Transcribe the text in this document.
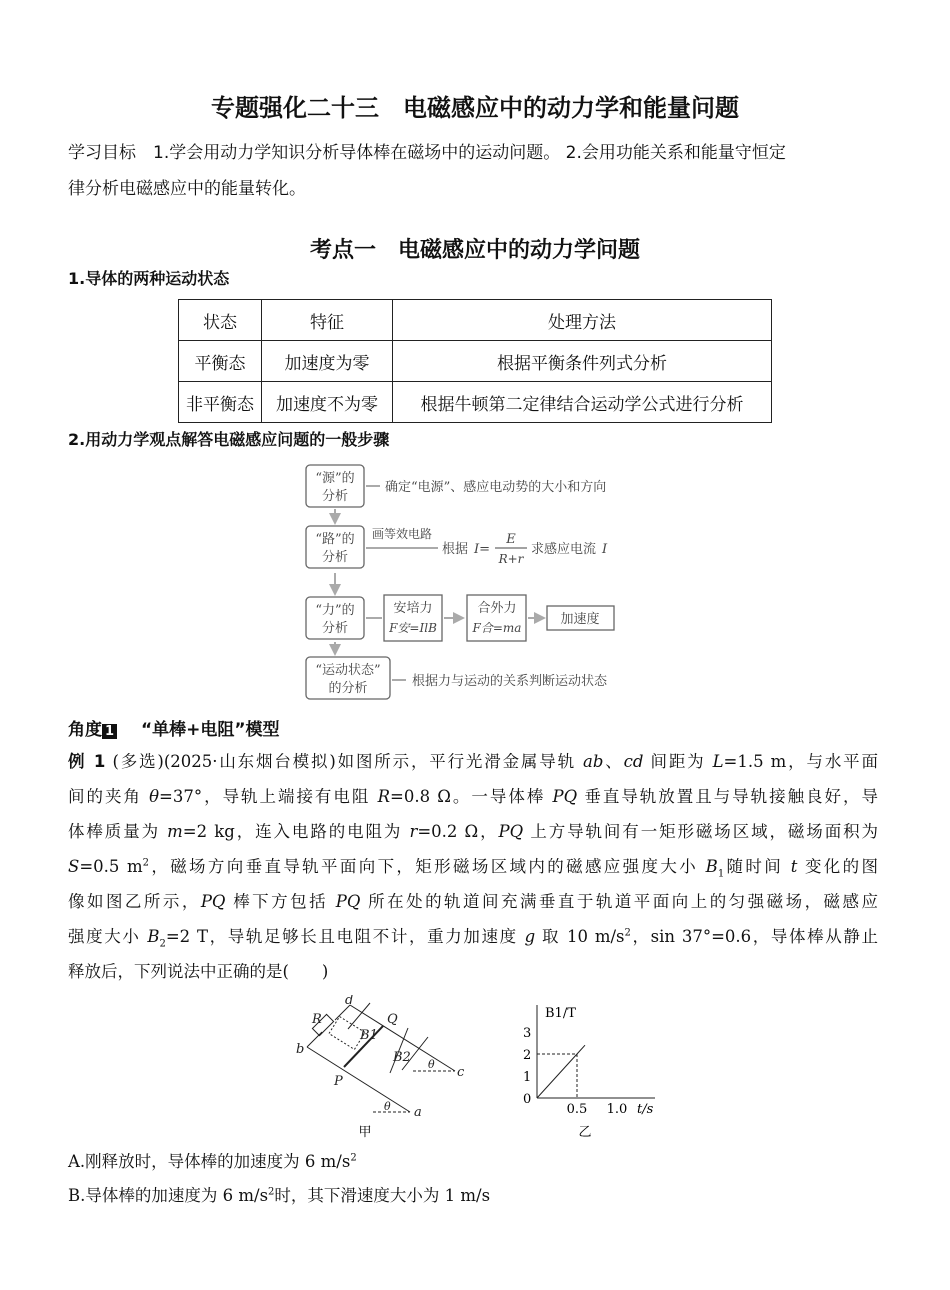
专题强化二十三　电磁感应中的动力学和能量问题
学习目标　1.学会用动力学知识分析导体棒在磁场中的运动问题。 2.会用功能关系和能量守恒定
律分析电磁感应中的能量转化。
考点一　电磁感应中的动力学问题
1.导体的两种运动状态
状态	特征	处理方法
平衡态	加速度为零	根据平衡条件列式分析
非平衡态	加速度不为零	根据牛顿第二定律结合运动学公式进行分析
2.用动力学观点解答电磁感应问题的一般步骤
“源”的
分析
确定“电源”、感应电动势的大小和方向
“路”的
分析
画等效电路
根据 I=
E
R+r
求感应电流 I
“力”的
分析
安培力
F安=IlB
合外力
F合=ma
加速度
“运动状态”
的分析	根据力与运动的关系判断运动状态
角度 1 “单棒+电阻”模型
例 1 (多选)(2025·山东烟台模拟)如图所示，平行光滑金属导轨 ab、cd 间距为 L=1.5 m，与水平面
间的夹角 θ=37°，导轨上端接有电阻 R=0.8 Ω。一导体棒 PQ 垂直导轨放置且与导轨接触良好，导
体棒质量为 m=2 kg，连入电路的电阻为 r=0.2 Ω，PQ 上方导轨间有一矩形磁场区域，磁场面积为
S=0.5 $m^2$，磁场方向垂直导轨平面向下，矩形磁场区域内的磁感应强度大小 $B_1$随时间 t 变化的图
像如图乙所示，PQ 棒下方包括 PQ 所在处的轨道间充满垂直于轨道平面向上的匀强磁场，磁感应
强度大小 $B_2=2$ T，导轨足够长且电阻不计，重力加速度 g 取 10 $m/s^2$，sin 37°=0.6，导体棒从静止
释放后，下列说法中正确的是(　　)
d
R
B1
Q
b
B2 θ
c
P
θ a
甲
0
1
2
3
0.5 1.0
B1/T
t/s
乙
A.刚释放时，导体棒的加速度为 6 $m/s^2$
B.导体棒的加速度为 6 $m/s^2$时，其下滑速度大小为 1 m/s
